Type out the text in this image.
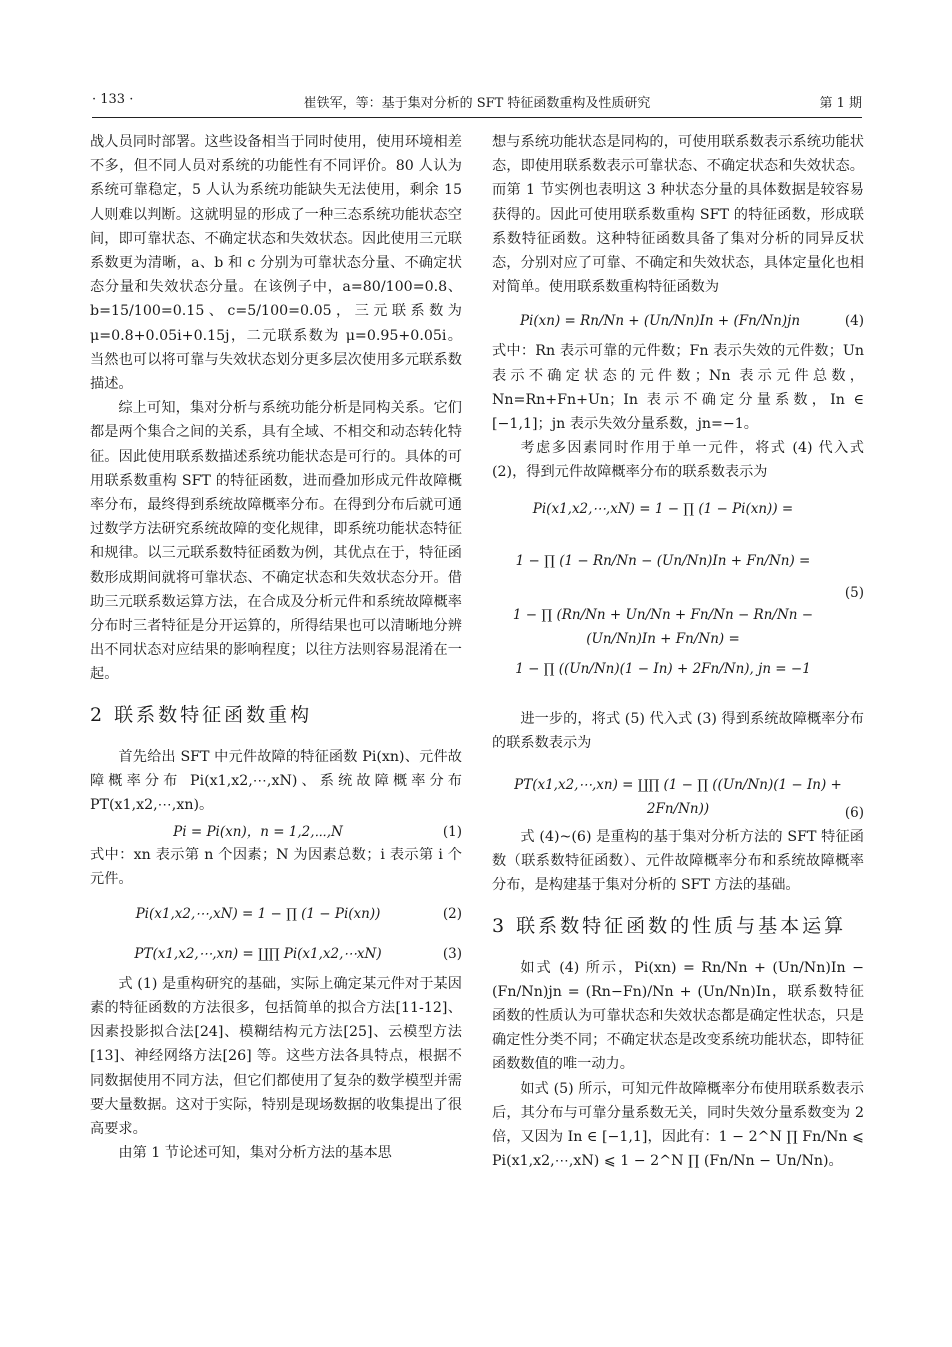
· 133 ·	崔铁军，等：基于集对分析的 SFT 特征函数重构及性质研究	第 1 期

战人员同时部署。这些设备相当于同时使用，使用环境相差不多，但不同人员对系统的功能性有不同评价。80 人认为系统可靠稳定，5 人认为系统功能缺失无法使用，剩余 15 人则难以判断。这就明显的形成了一种三态系统功能状态空间，即可靠状态、不确定状态和失效状态。因此使用三元联系数更为清晰，a、b 和 c 分别为可靠状态分量、不确定状态分量和失效状态分量。在该例子中，a=80/100=0.8、b=15/100=0.15、c=5/100=0.05，三元联系数为 μ=0.8+0.05i+0.15j，二元联系数为 μ=0.95+0.05i。当然也可以将可靠与失效状态划分更多层次使用多元联系数描述。

综上可知，集对分析与系统功能分析是同构关系。它们都是两个集合之间的关系，具有全域、不相交和动态转化特征。因此使用联系数描述系统功能状态是可行的。具体的可用联系数重构 SFT 的特征函数，进而叠加形成元件故障概率分布，最终得到系统故障概率分布。在得到分布后就可通过数学方法研究系统故障的变化规律，即系统功能状态特征和规律。以三元联系数特征函数为例，其优点在于，特征函数形成期间就将可靠状态、不确定状态和失效状态分开。借助三元联系数运算方法，在合成及分析元件和系统故障概率分布时三者特征是分开运算的，所得结果也可以清晰地分辨出不同状态对应结果的影响程度；以往方法则容易混淆在一起。

2 联系数特征函数重构

首先给出 SFT 中元件故障的特征函数 Pi(xn)、元件故障概率分布 Pi(x1,x2,⋯,xN)、系统故障概率分布 PT(x1,x2,⋯,xn)。

Pi = Pi(xn)，n = 1,2,⋯,N	(1)

式中：xn 表示第 n 个因素；N 为因素总数；i 表示第 i 个元件。

Pi(x1,x2,⋯,xN) = 1 − ∏ (1 − Pi(xn))	(2)
PT(x1,x2,⋯,xn) = ∐∏ Pi(x1,x2,⋯xN)	(3)

式 (1) 是重构研究的基础，实际上确定某元件对于某因素的特征函数的方法很多，包括简单的拟合方法[11-12]、因素投影拟合法[24]、模糊结构元方法[25]、云模型方法[13]、神经网络方法[26] 等。这些方法各具特点，根据不同数据使用不同方法，但它们都使用了复杂的数学模型并需要大量数据。这对于实际，特别是现场数据的收集提出了很高要求。

由第 1 节论述可知，集对分析方法的基本思

想与系统功能状态是同构的，可使用联系数表示系统功能状态，即使用联系数表示可靠状态、不确定状态和失效状态。而第 1 节实例也表明这 3 种状态分量的具体数据是较容易获得的。因此可使用联系数重构 SFT 的特征函数，形成联系数特征函数。这种特征函数具备了集对分析的同异反状态，分别对应了可靠、不确定和失效状态，具体定量化也相对简单。使用联系数重构特征函数为

Pi(xn) = Rn/Nn + (Un/Nn)In + (Fn/Nn)jn	(4)

式中：Rn 表示可靠的元件数；Fn 表示失效的元件数；Un 表示不确定状态的元件数；Nn 表示元件总数，Nn=Rn+Fn+Un；In 表示不确定分量系数，In ∈ [−1,1]；jn 表示失效分量系数，jn=−1。

考虑多因素同时作用于单一元件，将式 (4) 代入式 (2)，得到元件故障概率分布的联系数表示为

Pi(x1,x2,⋯,xN) = 1 − ∏ (1 − Pi(xn)) =
1 − ∏ (1 − Rn/Nn − (Un/Nn)In + Fn/Nn) =
1 − ∏ (Rn/Nn + Un/Nn + Fn/Nn − Rn/Nn − (Un/Nn)In + Fn/Nn) =
1 − ∏ ((Un/Nn)(1 − In) + 2Fn/Nn), jn = −1
(5)

进一步的，将式 (5) 代入式 (3) 得到系统故障概率分布的联系数表示为

PT(x1,x2,⋯,xn) = ∐∏ (1 − ∏ ((Un/Nn)(1 − In) + 2Fn/Nn))	(6)

式 (4)~(6) 是重构的基于集对分析方法的 SFT 特征函数（联系数特征函数）、元件故障概率分布和系统故障概率分布，是构建基于集对分析的 SFT 方法的基础。

3 联系数特征函数的性质与基本运算

如式 (4) 所示，Pi(xn) = Rn/Nn + (Un/Nn)In − (Fn/Nn)jn = (Rn−Fn)/Nn + (Un/Nn)In，联系数特征函数的性质认为可靠状态和失效状态都是确定性状态，只是确定性分类不同；不确定状态是改变系统功能状态，即特征函数数值的唯一动力。

如式 (5) 所示，可知元件故障概率分布使用联系数表示后，其分布与可靠分量系数无关，同时失效分量系数变为 2 倍，又因为 In ∈ [−1,1]，因此有：1 − 2^N ∏ Fn/Nn ⩽ Pi(x1,x2,⋯,xN) ⩽ 1 − 2^N ∏ (Fn/Nn − Un/Nn)。
